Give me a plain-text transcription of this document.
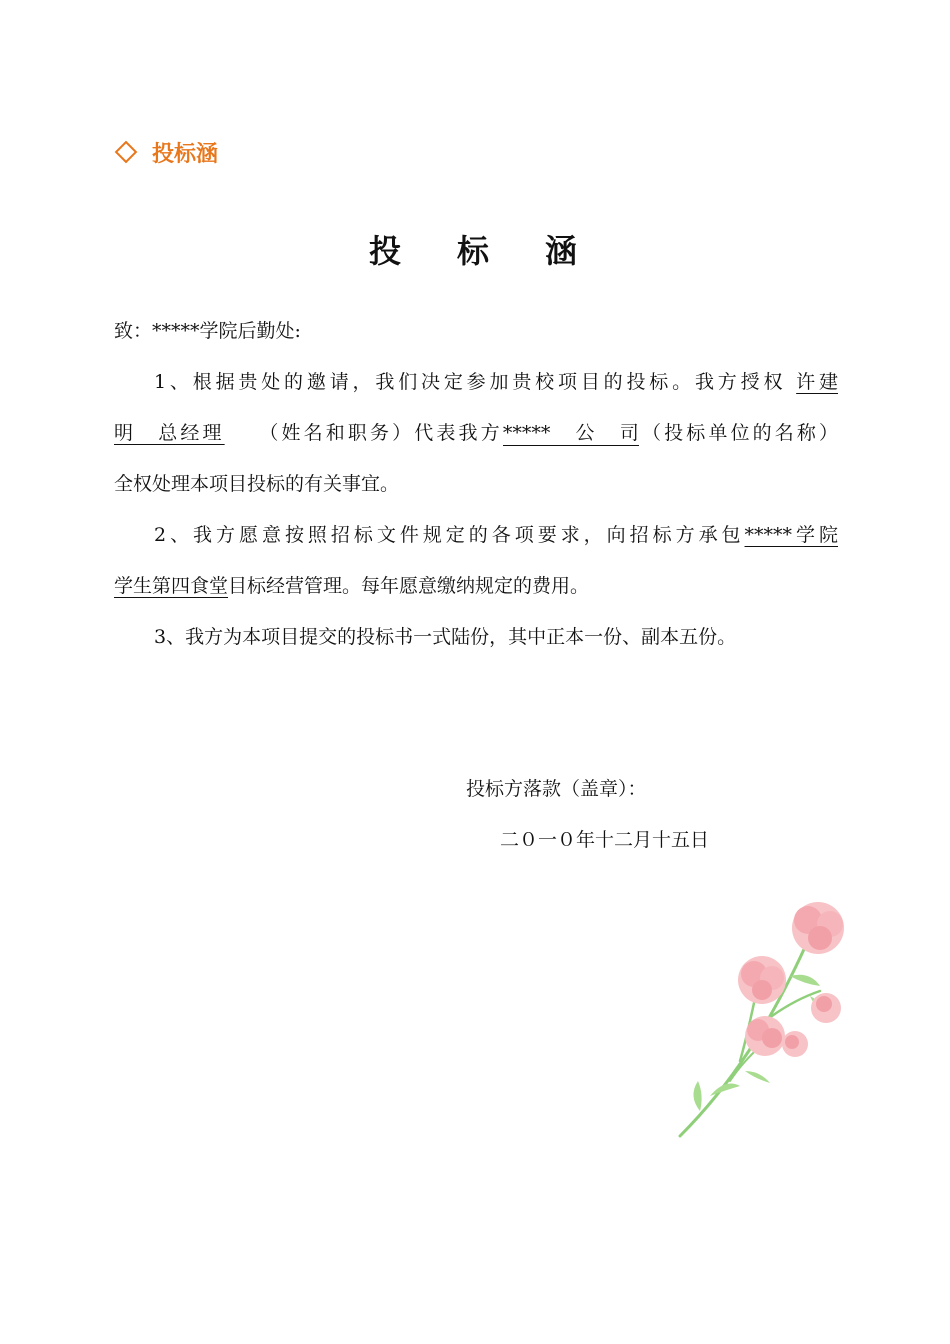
投标涵
投 标 涵

致：*****学院后勤处:

1、根据贵处的邀请，我们决定参加贵校项目的投标。我方授权 许建

明　总经理　　 （姓名和职务）代表我方*****公司（投标单位的名称）

全权处理本项目投标的有关事宜。

2、我方愿意按照招标文件规定的各项要求，向招标方承包*****学院

学生第四食堂目标经营管理。每年愿意缴纳规定的费用。

3、我方为本项目提交的投标书一式陆份，其中正本一份、副本五份。

投标方落款（盖章）：
二０一０年十二月十五日
